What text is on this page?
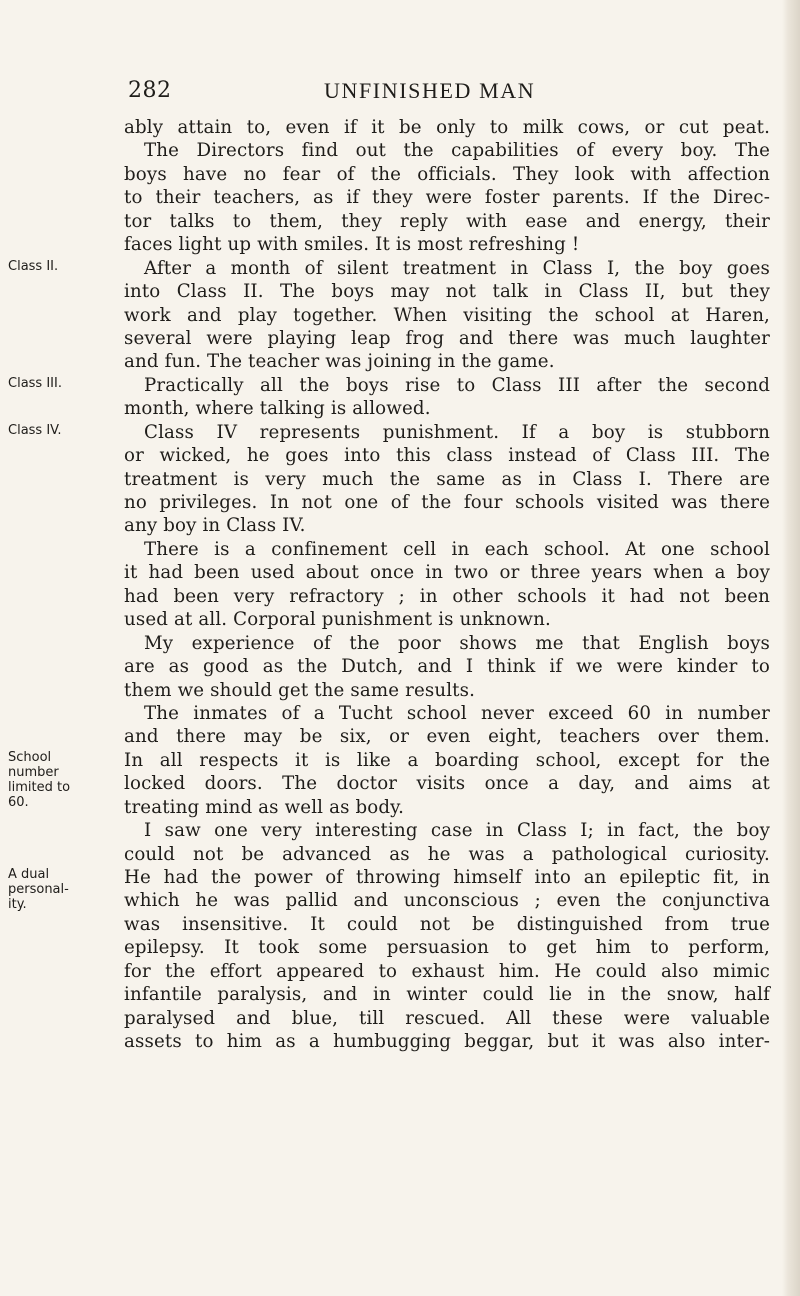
282	UNFINISHED MAN
Class II.
Class III.
Class IV.
School
number
limited to
60.
A dual
personal-
ity.
ably attain to, even if it be only to milk cows, or cut peat.
The Directors find out the capabilities of every boy. The
boys have no fear of the officials. They look with affection
to their teachers, as if they were foster parents. If the Direc-
tor talks to them, they reply with ease and energy, their
faces light up with smiles. It is most refreshing !
After a month of silent treatment in Class I, the boy goes
into Class II. The boys may not talk in Class II, but they
work and play together. When visiting the school at Haren,
several were playing leap frog and there was much laughter
and fun. The teacher was joining in the game.
Practically all the boys rise to Class III after the second
month, where talking is allowed.
Class IV represents punishment. If a boy is stubborn
or wicked, he goes into this class instead of Class III. The
treatment is very much the same as in Class I. There are
no privileges. In not one of the four schools visited was there
any boy in Class IV.
There is a confinement cell in each school. At one school
it had been used about once in two or three years when a boy
had been very refractory ; in other schools it had not been
used at all. Corporal punishment is unknown.
My experience of the poor shows me that English boys
are as good as the Dutch, and I think if we were kinder to
them we should get the same results.
The inmates of a Tucht school never exceed 60 in number
and there may be six, or even eight, teachers over them.
In all respects it is like a boarding school, except for the
locked doors. The doctor visits once a day, and aims at
treating mind as well as body.
I saw one very interesting case in Class I; in fact, the boy
could not be advanced as he was a pathological curiosity.
He had the power of throwing himself into an epileptic fit, in
which he was pallid and unconscious ; even the conjunctiva
was insensitive. It could not be distinguished from true
epilepsy. It took some persuasion to get him to perform,
for the effort appeared to exhaust him. He could also mimic
infantile paralysis, and in winter could lie in the snow, half
paralysed and blue, till rescued. All these were valuable
assets to him as a humbugging beggar, but it was also inter-
